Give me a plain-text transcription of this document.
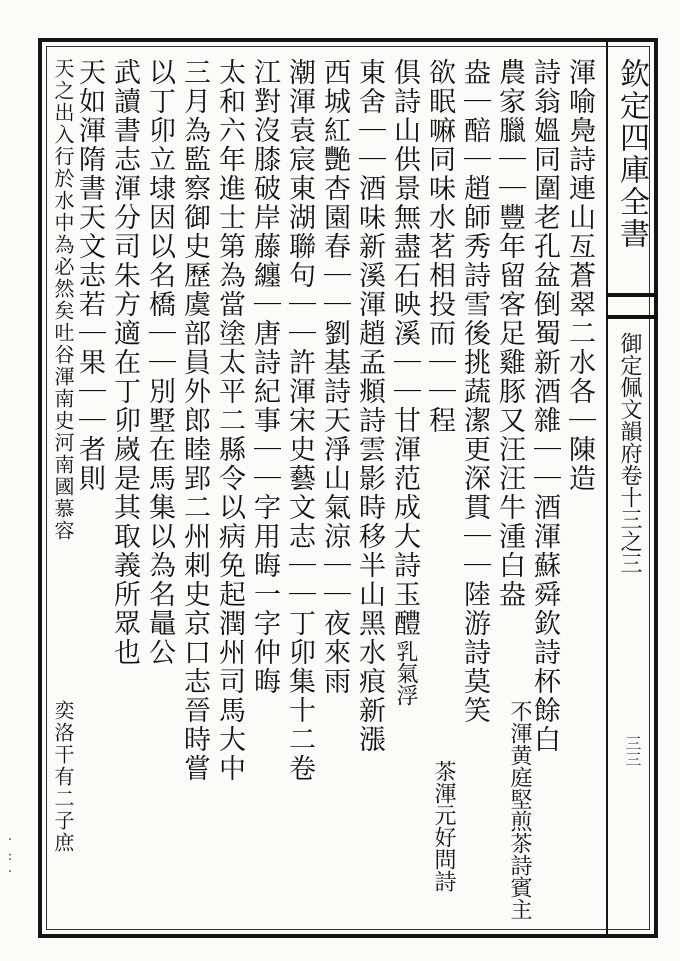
欽定四庫全書
御定佩文韻府卷十三之三
三三
渾喻鳧詩連山亙蒼翠二水各｜陳造
詩翁媼同圍老孔盆倒蜀新酒雜｜｜酒渾蘇舜欽詩杯餘白
農家臘｜｜豐年留客足雞豚又汪汪牛湩白盎
盎｜醅｜趙師秀詩雪後挑蔬潔更深貫｜｜陸游詩莫笑
欲眠嘛同味水茗相投而｜｜程
俱詩山供景無盡石映溪｜｜甘渾范成大詩玉醴
東舍｜｜酒味新溪渾趙孟頫詩雲影時移半山黑水痕新漲
西城紅艷杏園春｜｜劉基詩天淨山氣涼｜｜夜來雨
潮渾袁宸東湖聯句｜｜許渾宋史藝文志｜｜丁卯集十二卷
江對沒膝破岸藤纏｜唐詩紀事｜｜字用晦一字仲晦
太和六年進士第為當塗太平二縣令以病免起潤州司馬大中
三月為監察御史歷虞部員外郎睦郢二州刺史京口志晉時嘗
以丁卯立埭因以名橋｜｜別墅在馬集以為名鼂公
武讀書志渾分司朱方適在丁卯嵗是其取義所眾也
天如渾隋書天文志若｜果｜｜者則
天之出入行於水中為必然矣吐谷渾南史河南國慕容
奕洛干有二子庶
乳氣浮
茶渾元好問詩 不渾黄庭堅煎茶詩賓主
·:·
